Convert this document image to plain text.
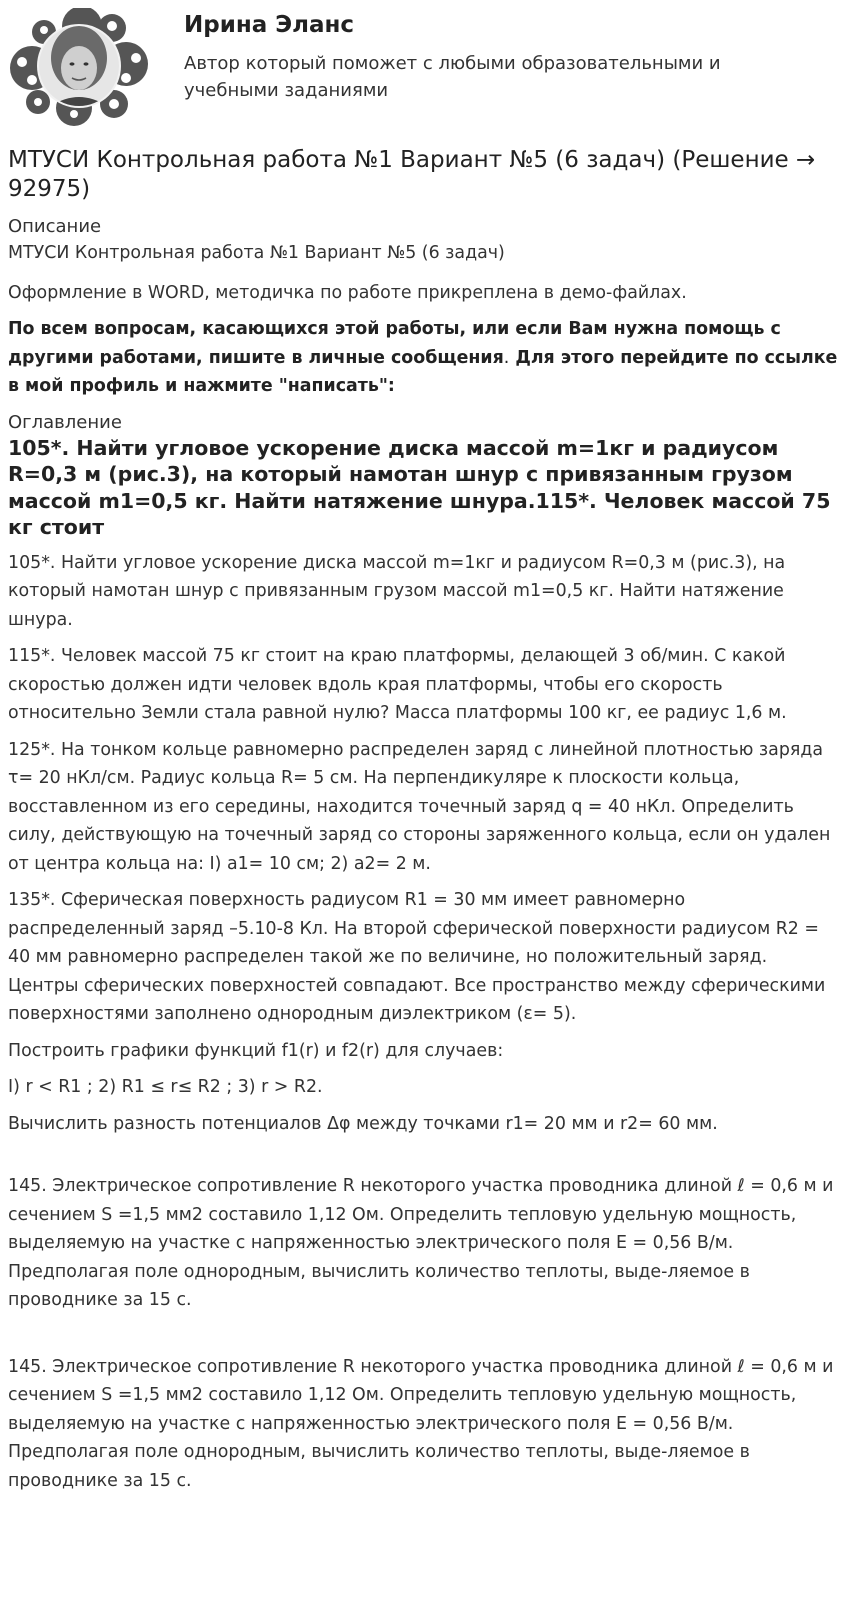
Ирина Эланс
Автор который поможет с любыми образовательными и учебными заданиями
МТУСИ Контрольная работа №1 Вариант №5 (6 задач) (Решение → 92975)
Описание
МТУСИ Контрольная работа №1 Вариант №5 (6 задач)
Оформление в WORD, методичка по работе прикреплена в демо-файлах.
По всем вопросам, касающихся этой работы, или если Вам нужна помощь с другими работами, пишите в личные сообщения. Для этого перейдите по ссылке в мой профиль и нажмите "написать":
Оглавление
105*. Найти угловое ускорение диска массой m=1кг и радиусом R=0,3 м (рис.3), на который намотан шнур с привязанным грузом массой m1=0,5 кг. Найти натяжение шнура.115*. Человек массой 75 кг стоит
105*. Найти угловое ускорение диска массой m=1кг и радиусом R=0,3 м (рис.3), на который намотан шнур с привязанным грузом массой m1=0,5 кг. Найти натяжение шнура.
115*. Человек массой 75 кг стоит на краю платформы, делающей 3 об/мин. С какой скоростью должен идти человек вдоль края платформы, чтобы его скорость относительно Земли стала равной нулю? Масса платформы 100 кг, ее радиус 1,6 м.
125*. На тонком кольце равномерно распределен заряд с линейной плотностью заряда τ= 20 нКл/см. Радиус кольца R= 5 см. На перпендикуляре к плоскости кольца, восставленном из его середины, находится точечный заряд q = 40 нКл. Определить силу, действующую на точечный заряд со стороны заряженного кольца, если он удален от центра кольца на: I) a1= 10 см; 2) a2= 2 м.
135*. Сферическая поверхность радиусом R1 = 30 мм имеет равномерно распределенный заряд –5.10-8 Кл. На второй сферической поверхности радиусом R2 = 40 мм равномерно распределен такой же по величине, но положительный заряд. Центры сферических поверхностей совпадают. Все пространство между сферическими поверхностями заполнено однородным диэлектриком (ε= 5).
Построить графики функций f1(r) и f2(r) для случаев:
I) r < R1 ; 2) R1 ≤ r≤ R2 ; 3) r > R2.
Вычислить разность потенциалов Δφ между точками r1= 20 мм и r2= 60 мм.
145. Электрическое сопротивление R некоторого участка проводника длиной ℓ = 0,6 м и сечением S =1,5 мм2 составило 1,12 Ом. Определить тепловую удельную мощность, выделяемую на участке с напряженностью электрического поля E = 0,56 В/м. Предполагая поле однородным, вычислить количество теплоты, выде-ляемое в проводнике за 15 с.
145. Электрическое сопротивление R некоторого участка проводника длиной ℓ = 0,6 м и сечением S =1,5 мм2 составило 1,12 Ом. Определить тепловую удельную мощность, выделяемую на участке с напряженностью электрического поля E = 0,56 В/м. Предполагая поле однородным, вычислить количество теплоты, выде-ляемое в проводнике за 15 с.
